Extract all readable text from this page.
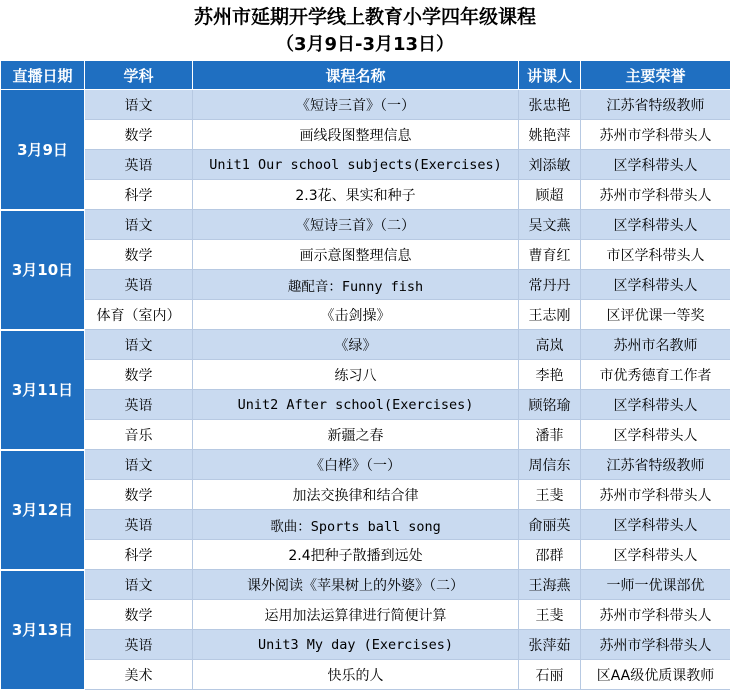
苏州市延期开学线上教育小学四年级课程
（3月9日-3月13日）
直播日期	学科	课程名称	讲课人	主要荣誉
3月9日	语文	《短诗三首》（一）	张忠艳	江苏省特级教师
	数学	画线段图整理信息	姚艳萍	苏州市学科带头人
	英语	Unit1 Our school subjects(Exercises)	刘添敏	区学科带头人
	科学	2.3花、果实和种子	顾超	苏州市学科带头人
3月10日	语文	《短诗三首》（二）	吴文燕	区学科带头人
	数学	画示意图整理信息	曹育红	市区学科带头人
	英语	趣配音：Funny fish	常丹丹	区学科带头人
	体育（室内）	《击剑操》	王志刚	区评优课一等奖
3月11日	语文	《绿》	高岚	苏州市名教师
	数学	练习八	李艳	市优秀德育工作者
	英语	Unit2 After school(Exercises)	顾铭瑜	区学科带头人
	音乐	新疆之春	潘菲	区学科带头人
3月12日	语文	《白桦》（一）	周信东	江苏省特级教师
	数学	加法交换律和结合律	王斐	苏州市学科带头人
	英语	歌曲：Sports ball song	俞丽英	区学科带头人
	科学	2.4把种子散播到远处	邵群	区学科带头人
3月13日	语文	课外阅读《苹果树上的外婆》（二）	王海燕	一师一优课部优
	数学	运用加法运算律进行简便计算	王斐	苏州市学科带头人
	英语	Unit3 My day (Exercises)	张萍茹	苏州市学科带头人
	美术	快乐的人	石丽	区AA级优质课教师
